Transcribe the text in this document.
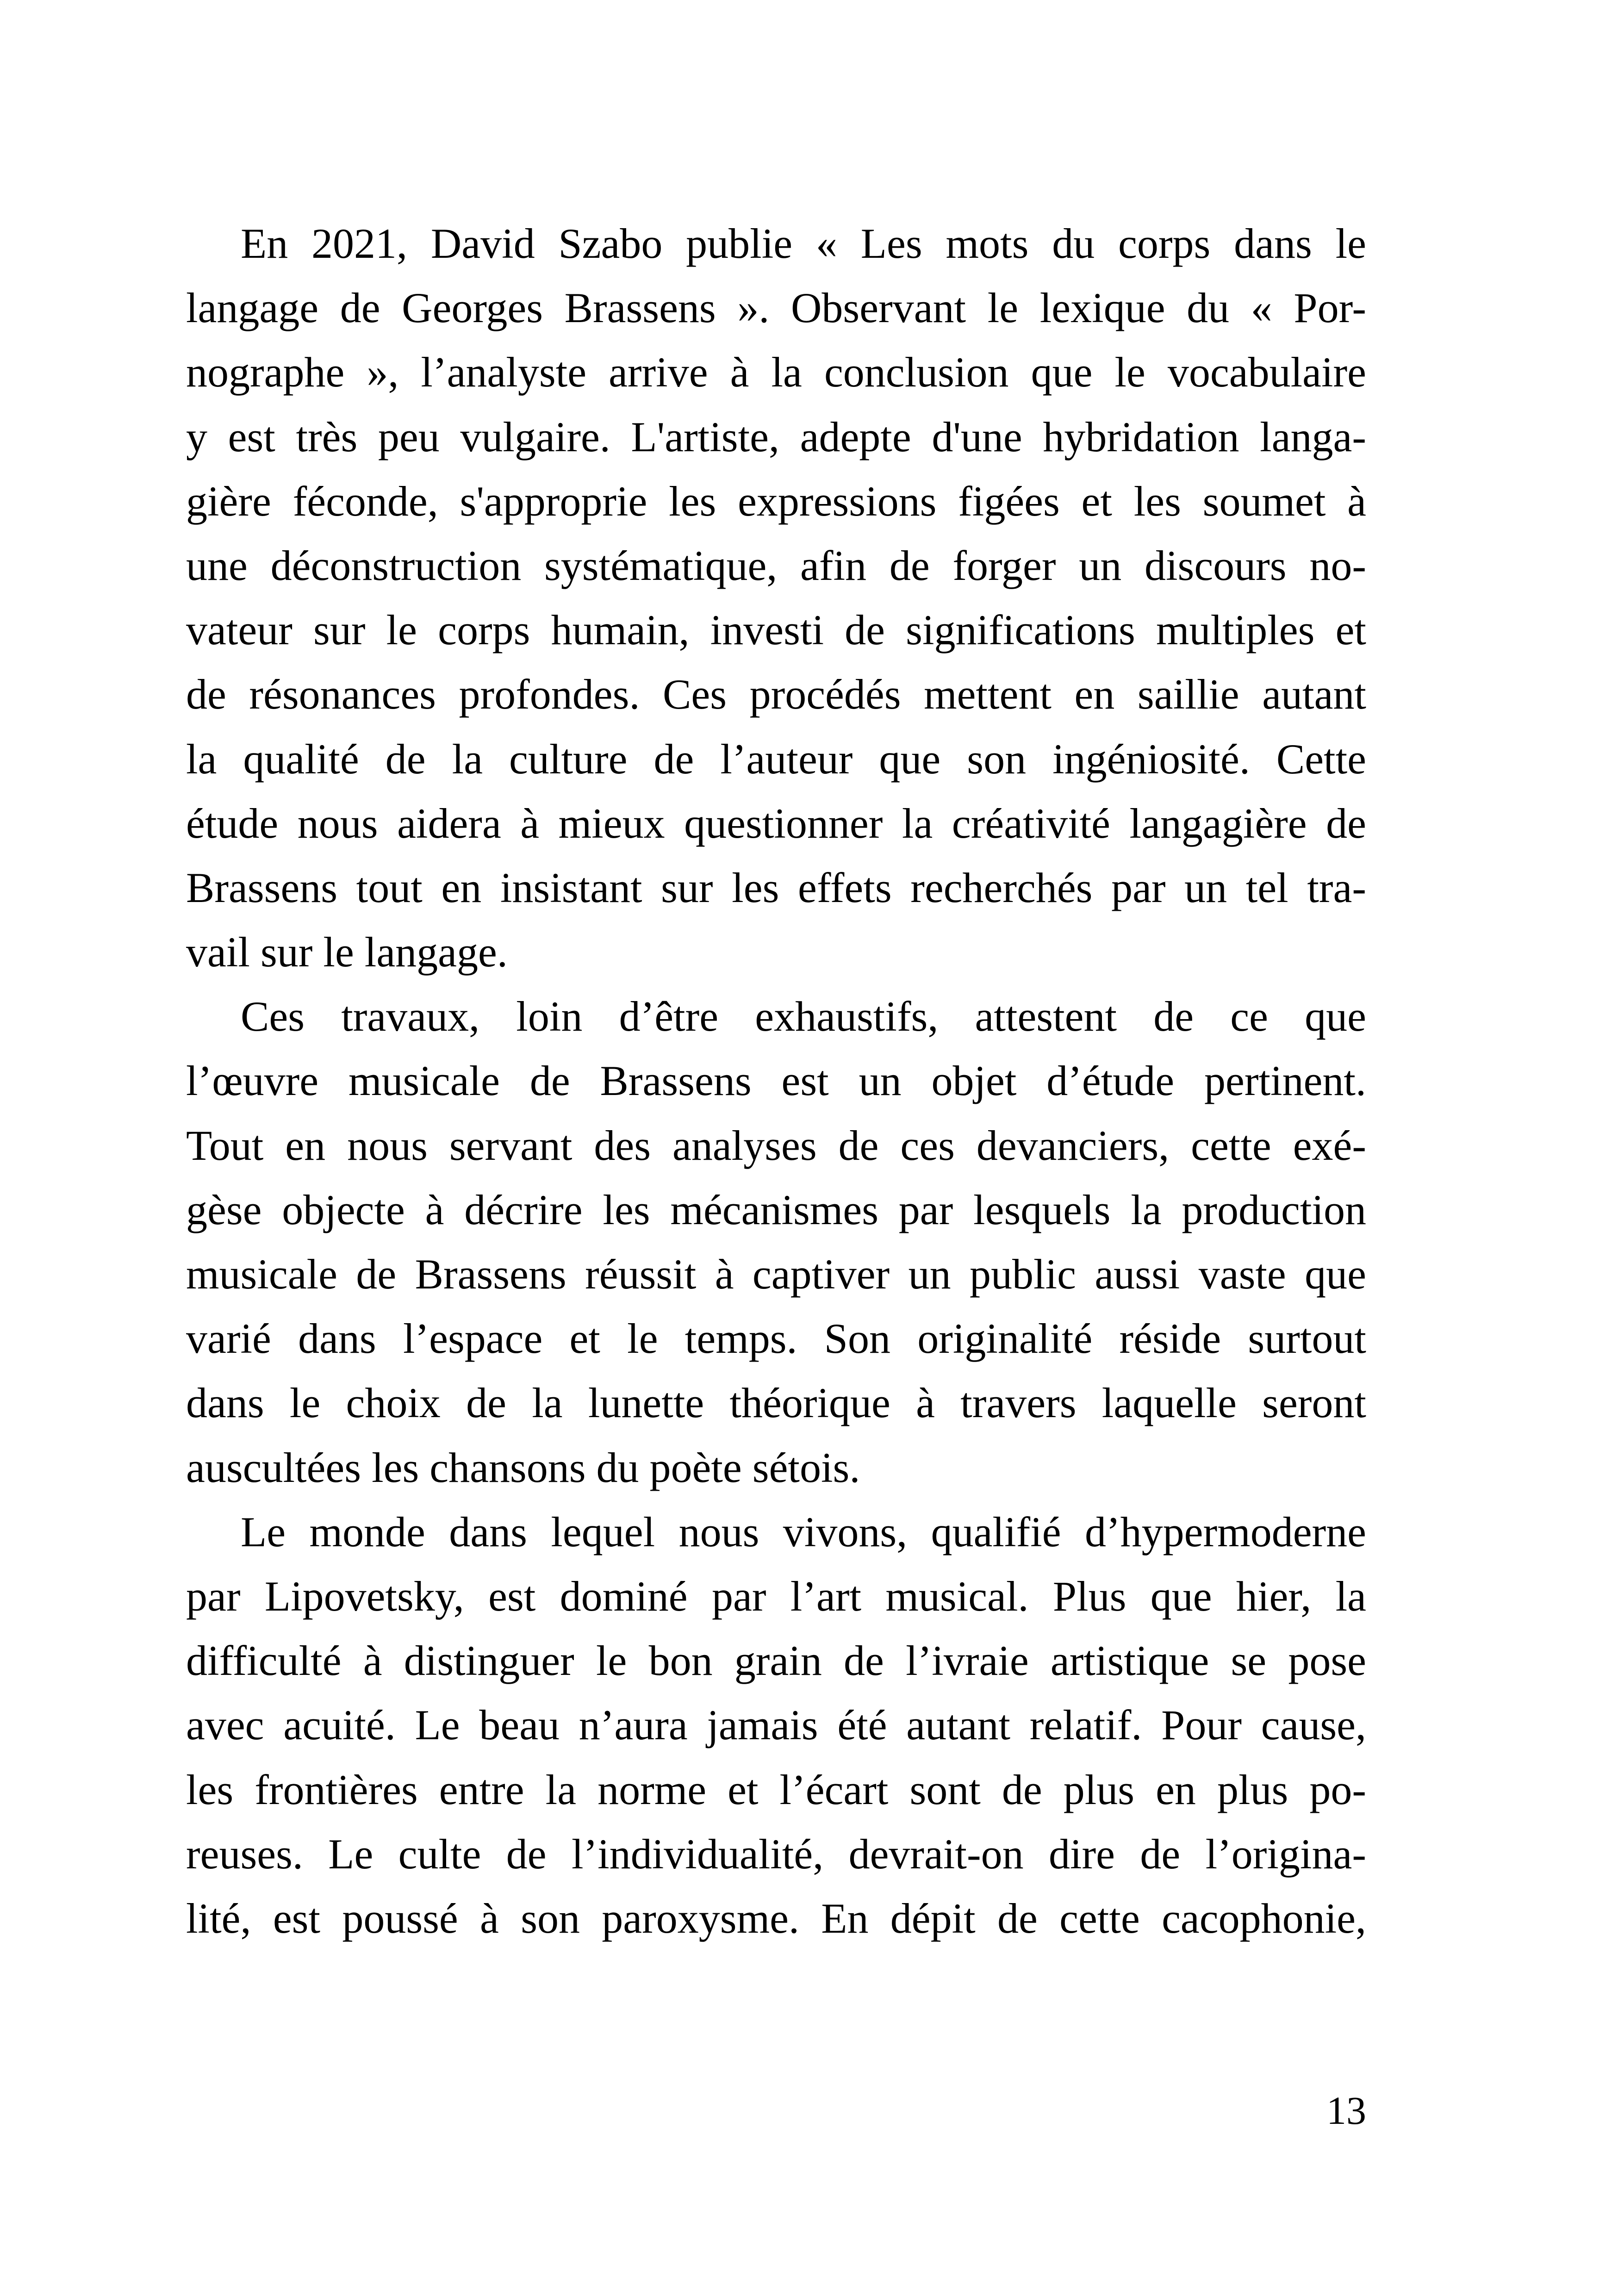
En 2021, David Szabo publie « Les mots du corps dans le
langage de Georges Brassens ». Observant le lexique du « Por-
nographe », l’analyste arrive à la conclusion que le vocabulaire
y est très peu vulgaire. L'artiste, adepte d'une hybridation langa-
gière féconde, s'approprie les expressions figées et les soumet à
une déconstruction systématique, afin de forger un discours no-
vateur sur le corps humain, investi de significations multiples et
de résonances profondes. Ces procédés mettent en saillie autant
la qualité de la culture de l’auteur que son ingéniosité. Cette
étude nous aidera à mieux questionner la créativité langagière de
Brassens tout en insistant sur les effets recherchés par un tel tra-
vail sur le langage.
Ces travaux, loin d’être exhaustifs, attestent de ce que
l’œuvre musicale de Brassens est un objet d’étude pertinent.
Tout en nous servant des analyses de ces devanciers, cette exé-
gèse objecte à décrire les mécanismes par lesquels la production
musicale de Brassens réussit à captiver un public aussi vaste que
varié dans l’espace et le temps. Son originalité réside surtout
dans le choix de la lunette théorique à travers laquelle seront
auscultées les chansons du poète sétois.
Le monde dans lequel nous vivons, qualifié d’hypermoderne
par Lipovetsky, est dominé par l’art musical. Plus que hier, la
difficulté à distinguer le bon grain de l’ivraie artistique se pose
avec acuité. Le beau n’aura jamais été autant relatif. Pour cause,
les frontières entre la norme et l’écart sont de plus en plus po-
reuses. Le culte de l’individualité, devrait-on dire de l’origina-
lité, est poussé à son paroxysme. En dépit de cette cacophonie,
13
